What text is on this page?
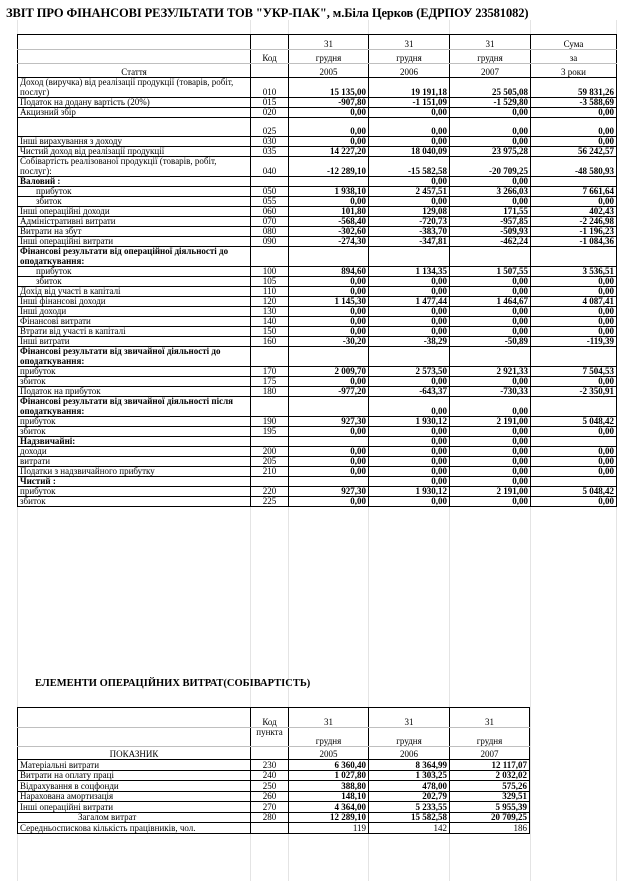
ЗВІТ ПРО ФІНАНСОВІ РЕЗУЛЬТАТИ ТОВ "УКР-ПАК", м.Біла Церков (ЕДРПОУ 23581082)
		31	31	31	Сума
	Код	грудня	грудня	грудня	за
Стаття		2005	2006	2007	3 роки
Доход (виручка) від реалізації продукції (товарів, робіт, послуг)	010	15 135,00	19 191,18	25 505,08	59 831,26
Податок на додану вартість (20%)	015	-907,80	-1 151,09	-1 529,80	-3 588,69
Акцизний збір	020	0,00	0,00	0,00	0,00
	025	0,00	0,00	0,00	0,00
Інші вирахування з доходу	030	0,00	0,00	0,00	0,00
Чистий доход від реалізації продукції	035	14 227,20	18 040,09	23 975,28	56 242,57
Собівартість реалізованої продукції (товарів, робіт, послуг):	040	-12 289,10	-15 582,58	-20 709,25	-48 580,93
Валовий :			0,00	0,00	
прибуток	050	1 938,10	2 457,51	3 266,03	7 661,64
збиток	055	0,00	0,00	0,00	0,00
Інші операційні доходи	060	101,80	129,08	171,55	402,43
Адміністративні витрати	070	-568,40	-720,73	-957,85	-2 246,98
Витрати на збут	080	-302,60	-383,70	-509,93	-1 196,23
Інші операційні витрати	090	-274,30	-347,81	-462,24	-1 084,36
Фінансові результати від операційної діяльності до оподаткування:					
прибуток	100	894,60	1 134,35	1 507,55	3 536,51
збиток	105	0,00	0,00	0,00	0,00
Дохід від участі в капіталі	110	0,00	0,00	0,00	0,00
Інші фінансові доходи	120	1 145,30	1 477,44	1 464,67	4 087,41
Інші доходи	130	0,00	0,00	0,00	0,00
Фінансові витрати	140	0,00	0,00	0,00	0,00
Втрати від участі в капіталі	150	0,00	0,00	0,00	0,00
Інші витрати	160	-30,20	-38,29	-50,89	-119,39
Фінансові результати від звичайної діяльності до оподаткування:					
прибуток	170	2 009,70	2 573,50	2 921,33	7 504,53
збиток	175	0,00	0,00	0,00	0,00
Податок на прибуток	180	-977,20	-643,37	-730,33	-2 350,91
Фінансові результати від звичайної діяльності після оподаткування:			0,00	0,00	
прибуток	190	927,30	1 930,12	2 191,00	5 048,42
збиток	195	0,00	0,00	0,00	0,00
Надзвичайні:			0,00	0,00	
доходи	200	0,00	0,00	0,00	0,00
витрати	205	0,00	0,00	0,00	0,00
Податки з надзвичайного прибутку	210	0,00	0,00	0,00	0,00
Чистий :			0,00	0,00	
прибуток	220	927,30	1 930,12	2 191,00	5 048,42
збиток	225	0,00	0,00	0,00	0,00
ЕЛЕМЕНТИ ОПЕРАЦІЙНИХ ВИТРАТ(СОБІВАРТІСТЬ)
	Код	31	31	31
	пункта	грудня	грудня	грудня
ПОКАЗНИК		2005	2006	2007
Матеріальні витрати	230	6 360,40	8 364,99	12 117,07
Витрати на оплату праці	240	1 027,80	1 303,25	2 032,02
Відрахування в соцфонди	250	388,80	478,00	575,26
Нарахована амортизація	260	148,10	202,79	329,51
Інші операційні витрати	270	4 364,00	5 233,55	5 955,39
Загалом витрат	280	12 289,10	15 582,58	20 709,25
Середньоспискова кількість працівників, чол.		119	142	186
